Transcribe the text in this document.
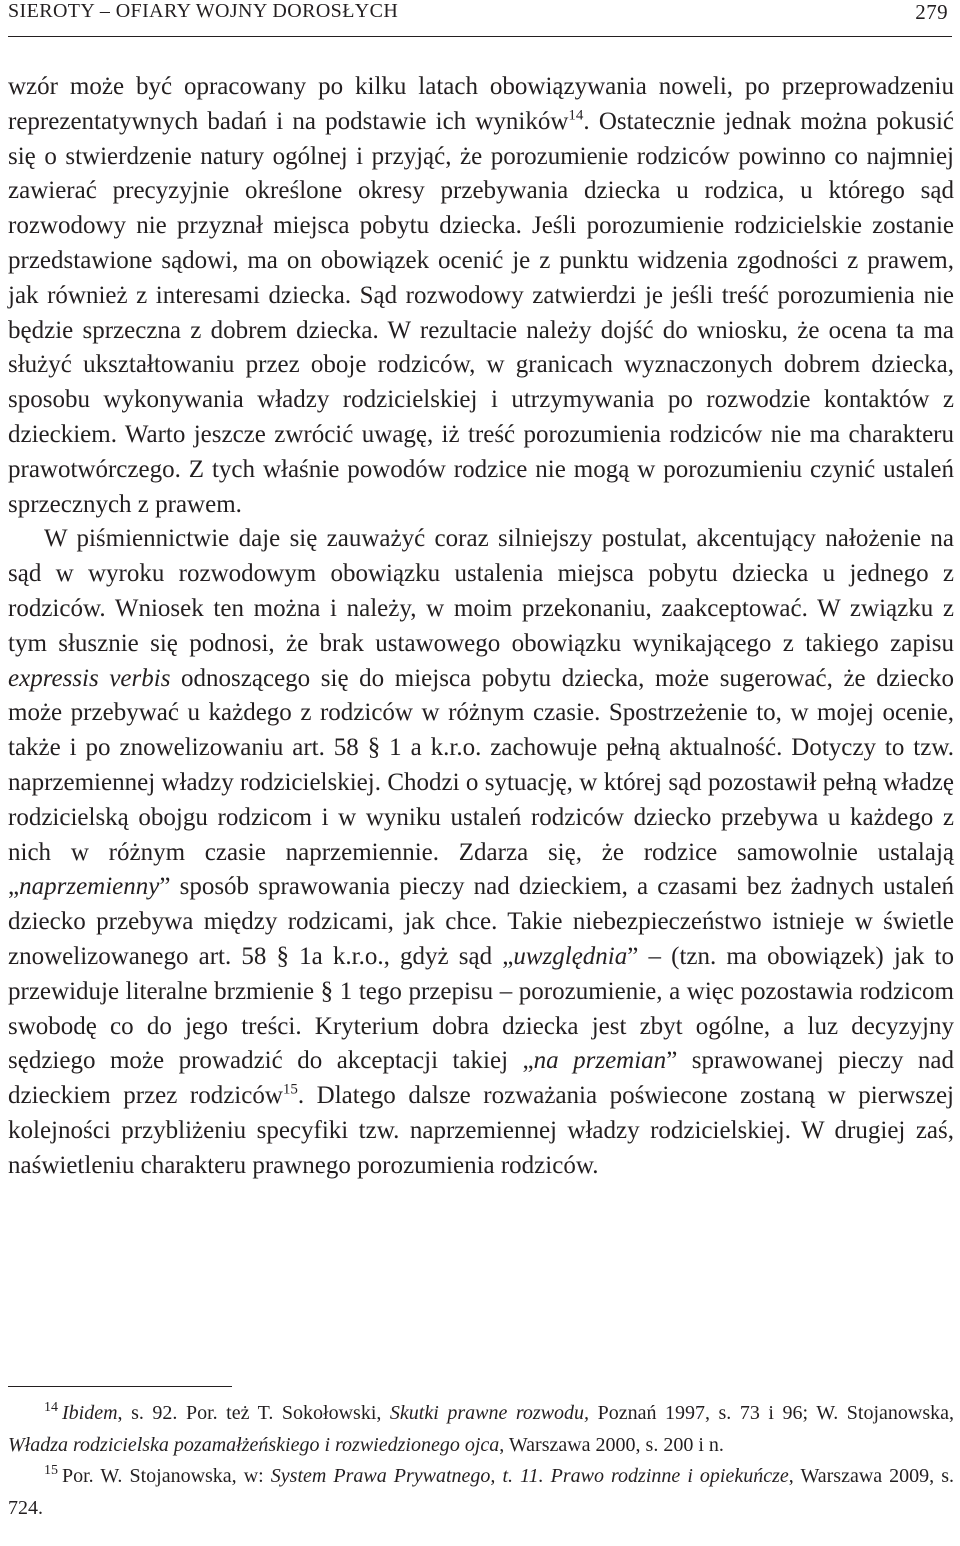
SIEROTY – OFIARY WOJNY DOROSŁYCH	279

wzór może być opracowany po kilku latach obowiązywania noweli, po przeprowadzeniu reprezentatywnych badań i na podstawie ich wyników$^{14}$. Ostatecznie jednak można pokusić się o stwierdzenie natury ogólnej i przyjąć, że porozumienie rodziców powinno co najmniej zawierać precyzyjnie określone okresy przebywania dziecka u rodzica, u którego sąd rozwodowy nie przyznał miejsca pobytu dziecka. Jeśli porozumienie rodzicielskie zostanie przedstawione sądowi, ma on obowiązek ocenić je z punktu widzenia zgodności z prawem, jak również z interesami dziecka. Sąd rozwodowy zatwierdzi je jeśli treść porozumienia nie będzie sprzeczna z dobrem dziecka. W rezultacie należy dojść do wniosku, że ocena ta ma służyć ukształtowaniu przez oboje rodziców, w granicach wyznaczonych dobrem dziecka, sposobu wykonywania władzy rodzicielskiej i utrzymywania po rozwodzie kontaktów z dzieckiem. Warto jeszcze zwrócić uwagę, iż treść porozumienia rodziców nie ma charakteru prawotwórczego. Z tych właśnie powodów rodzice nie mogą w porozumieniu czynić ustaleń sprzecznych z prawem.

W piśmiennictwie daje się zauważyć coraz silniejszy postulat, akcentujący nałożenie na sąd w wyroku rozwodowym obowiązku ustalenia miejsca pobytu dziecka u jednego z rodziców. Wniosek ten można i należy, w moim przekonaniu, zaakceptować. W związku z tym słusznie się podnosi, że brak ustawowego obowiązku wynikającego z takiego zapisu expressis verbis odnoszącego się do miejsca pobytu dziecka, może sugerować, że dziecko może przebywać u każdego z rodziców w różnym czasie. Spostrzeżenie to, w mojej ocenie, także i po znowelizowaniu art. 58 § 1 a k.r.o. zachowuje pełną aktualność. Dotyczy to tzw. naprzemiennej władzy rodzicielskiej. Chodzi o sytuację, w której sąd pozostawił pełną władzę rodzicielską obojgu rodzicom i w wyniku ustaleń rodziców dziecko przebywa u każdego z nich w różnym czasie naprzemiennie. Zdarza się, że rodzice samowolnie ustalają „naprzemienny” sposób sprawowania pieczy nad dzieckiem, a czasami bez żadnych ustaleń dziecko przebywa między rodzicami, jak chce. Takie niebezpieczeństwo istnieje w świetle znowelizowanego art. 58 § 1a k.r.o., gdyż sąd „uwzględnia” – (tzn. ma obowiązek) jak to przewiduje literalne brzmienie § 1 tego przepisu – porozumienie, a więc pozostawia rodzicom swobodę co do jego treści. Kryterium dobra dziecka jest zbyt ogólne, a luz decyzyjny sędziego może prowadzić do akceptacji takiej „na przemian” sprawowanej pieczy nad dzieckiem przez rodziców$^{15}$. Dlatego dalsze rozważania poświecone zostaną w pierwszej kolejności przybliżeniu specyfiki tzw. naprzemiennej władzy rodzicielskiej. W drugiej zaś, naświetleniu charakteru prawnego porozumienia rodziców.

$^{14}$ Ibidem, s. 92. Por. też T. Sokołowski, Skutki prawne rozwodu, Poznań 1997, s. 73 i 96; W. Stojanowska, Władza rodzicielska pozamałżeńskiego i rozwiedzionego ojca, Warszawa 2000, s. 200 i n.

$^{15}$ Por. W. Stojanowska, w: System Prawa Prywatnego, t. 11. Prawo rodzinne i opiekuńcze, Warszawa 2009, s. 724.
